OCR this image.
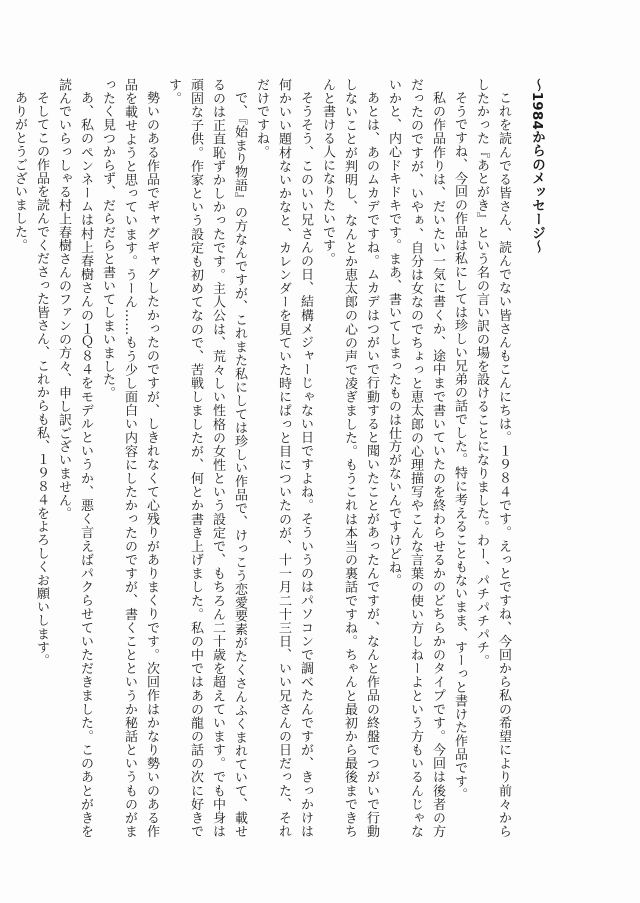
～1984からのメッセージ～

これを読んでる皆さん、読んでない皆さんもこんにちは。１９８４です。えっとですね、今回から私の希望により前々からしたかった『あとがき』という名の言い訳の場を設けることになりました。わー、パチパチパチ。

そうですね、今回の作品は私にしては珍しい兄弟の話でした。特に考えることもないまま、すーっと書けた作品です。

私の作品作りは、だいたい一気に書くか、途中まで書いていたのを終わらせるかのどちらかのタイプです。今回は後者の方だったのですが、いやぁ、自分は女なのでちょっと恵太郎の心理描写やこんな言葉の使い方しねーよという方もいるんじゃないかと、内心ドキドキです。まあ、書いてしまったものは仕方がないんですけどね。

あとは、あのムカデですね。ムカデはつがいで行動すると聞いたことがあったんですが、なんと作品の終盤でつがいで行動しないことが判明し、なんとか恵太郎の心の声で凌ぎました。もうこれは本当の裏話ですね。ちゃんと最初から最後まできちんと書ける人になりたいです。

そうそう、このいい兄さんの日、結構メジャーじゃない日ですよね。そういうのはパソコンで調べたんですが、きっかけは何かいい題材ないかなと、カレンダーを見ていた時にぱっと目についたのが、十一月二十三日、いい兄さんの日だった、それだけですね。

で、『始まり物語』の方なんですが、これまた私にしては珍しい作品で、けっこう恋愛要素がたくさんふくまれていて、載せるのは正直恥ずかしかったです。主人公は、荒々しい性格の女性という設定で、もちろん二十歳を超えています。でも中身は頑固な子供。作家という設定も初めてなので、苦戦しましたが、何とか書き上げました。私の中ではあの龍の話の次に好きです。

勢いのある作品でギャグギャグしたかったのですが、しきれなくて心残りがありまくりです。次回作はかなり勢いのある作品を載せようと思っています。うーん……もう少し面白い内容にしたかったのですが、書くことというか秘話というものがまったく見つからず、だらだらと書いてしまいました。

あ、私のペンネームは村上春樹さんの１Ｑ８４をモデルというか、悪く言えばパクらせていただきました。このあとがきを読んでいらっしゃる村上春樹さんのファンの方々、申し訳ございません。

そしてこの作品を読んでくださった皆さん、これからも私、１９８４をよろしくお願いします。

ありがとうございました。
